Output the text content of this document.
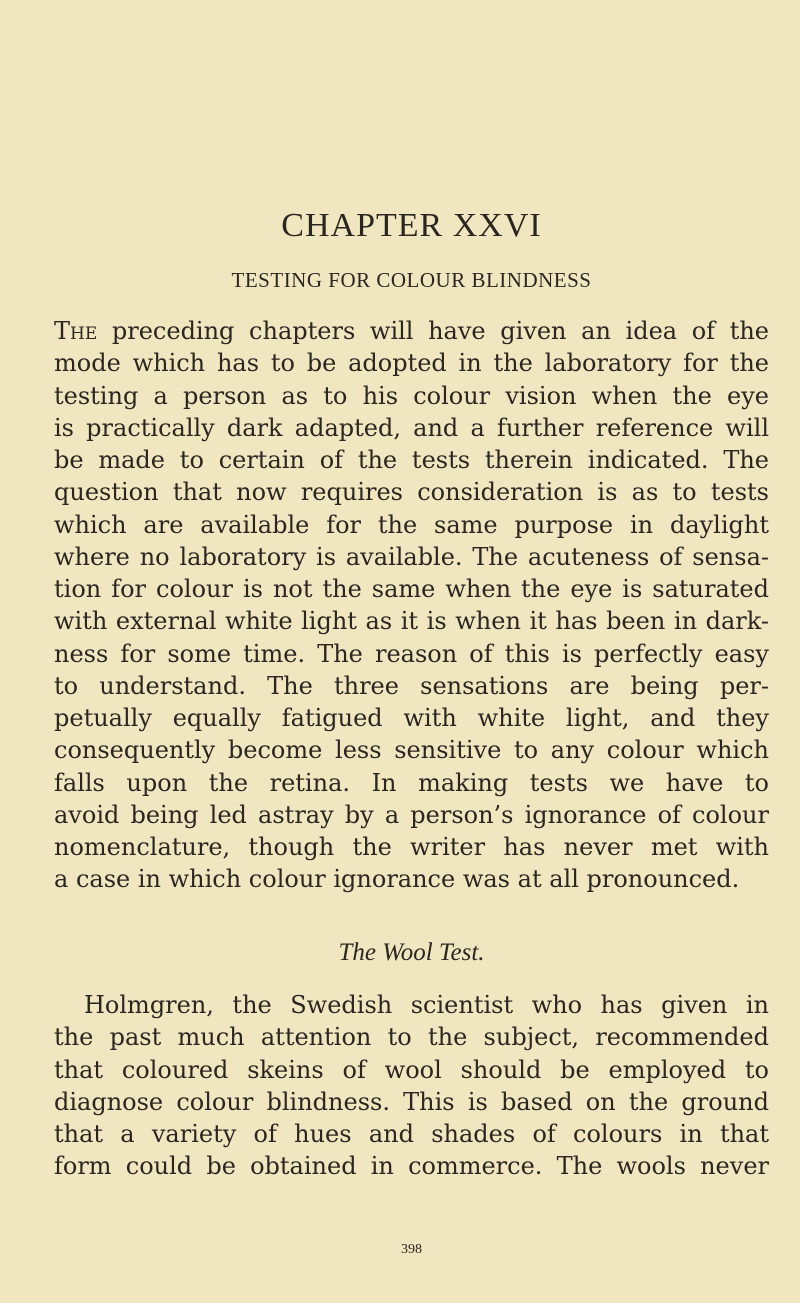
CHAPTER XXVI
TESTING FOR COLOUR BLINDNESS
The preceding chapters will have given an idea of the
mode which has to be adopted in the laboratory for the
testing a person as to his colour vision when the eye
is practically dark adapted, and a further reference will
be made to certain of the tests therein indicated. The
question that now requires consideration is as to tests
which are available for the same purpose in daylight
where no laboratory is available. The acuteness of sensa-
tion for colour is not the same when the eye is saturated
with external white light as it is when it has been in dark-
ness for some time. The reason of this is perfectly easy
to understand. The three sensations are being per-
petually equally fatigued with white light, and they
consequently become less sensitive to any colour which
falls upon the retina. In making tests we have to
avoid being led astray by a person’s ignorance of colour
nomenclature, though the writer has never met with
a case in which colour ignorance was at all pronounced.
The Wool Test.
Holmgren, the Swedish scientist who has given in
the past much attention to the subject, recommended
that coloured skeins of wool should be employed to
diagnose colour blindness. This is based on the ground
that a variety of hues and shades of colours in that
form could be obtained in commerce. The wools never
398
